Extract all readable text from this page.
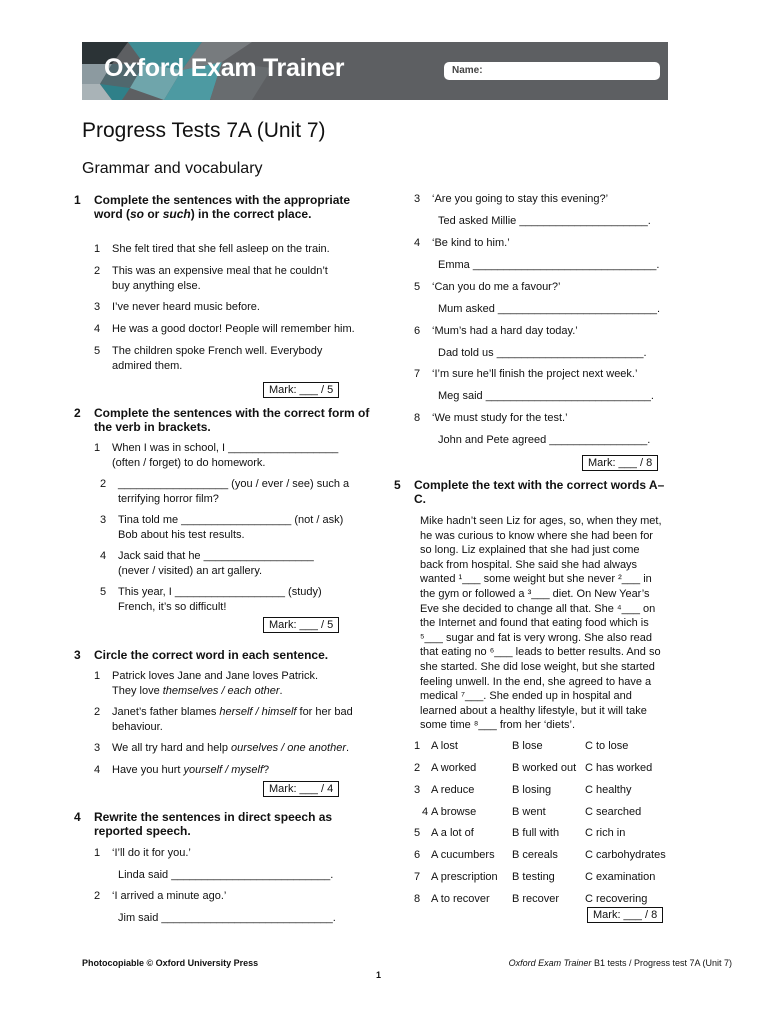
Oxford Exam Trainer	Name:
Progress Tests 7A (Unit 7)
Grammar and vocabulary
1	Complete the sentences with the appropriate word (so or such) in the correct place.
1	She felt tired that she fell asleep on the train.
2	This was an expensive meal that he couldn’t buy anything else.
3	I’ve never heard music before.
4	He was a good doctor! People will remember him.
5	The children spoke French well. Everybody admired them.
Mark: ___ / 5
2	Complete the sentences with the correct form of the verb in brackets.
1	When I was in school, I __________________ (often / forget) to do homework.
2	__________________ (you / ever / see) such a terrifying horror film?
3	Tina told me __________________ (not / ask) Bob about his test results.
4	Jack said that he __________________ (never / visited) an art gallery.
5	This year, I __________________ (study) French, it’s so difficult!
Mark: ___ / 5
3	Circle the correct word in each sentence.
1	Patrick loves Jane and Jane loves Patrick. They love themselves / each other.
2	Janet’s father blames herself / himself for her bad behaviour.
3	We all try hard and help ourselves / one another.
4	Have you hurt yourself / myself?
Mark: ___ / 4
4	Rewrite the sentences in direct speech as reported speech.
1	‘I’ll do it for you.’
Linda said __________________________.
2	‘I arrived a minute ago.’
Jim said ____________________________.
3	‘Are you going to stay this evening?’
Ted asked Millie _____________________.
4	‘Be kind to him.’
Emma ______________________________.
5	‘Can you do me a favour?’
Mum asked __________________________.
6	‘Mum’s had a hard day today.’
Dad told us ________________________.
7	‘I’m sure he’ll finish the project next week.’
Meg said ___________________________.
8	‘We must study for the test.’
John and Pete agreed ________________.
Mark: ___ / 8
5	Complete the text with the correct words A–C.
Mike hadn’t seen Liz for ages, so, when they met,
he was curious to know where she had been for
so long. Liz explained that she had just come
back from hospital. She said she had always
wanted ¹___ some weight but she never ²___ in
the gym or followed a ³___ diet. On New Year’s
Eve she decided to change all that. She ⁴___ on
the Internet and found that eating food which is
⁵___ sugar and fat is very wrong. She also read
that eating no ⁶___ leads to better results. And so
she started. She did lose weight, but she started
feeling unwell. In the end, she agreed to have a
medical ⁷___. She ended up in hospital and
learned about a healthy lifestyle, but it will take
some time ⁸___ from her ‘diets’.
1 A lost	B lose	C to lose
2 A worked	B worked out C has worked
3 A reduce	B losing	C healthy
4 A browse	B went	C searched
5 A a lot of	B full with	C rich in
6 A cucumbers	B cereals	C carbohydrates
7 A prescription	B testing	C examination
8 A to recover	B recover	C recovering
Mark: ___ / 8
Photocopiable © Oxford University Press	Oxford Exam Trainer B1 tests / Progress test 7A (Unit 7)
1
